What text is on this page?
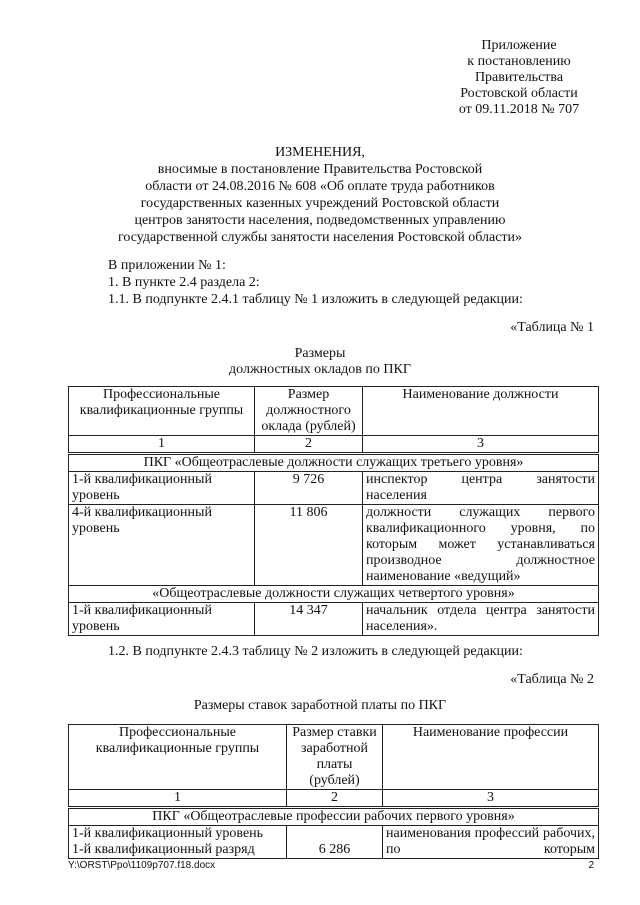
Приложение
к постановлению
Правительства
Ростовской области
от 09.11.2018 № 707
ИЗМЕНЕНИЯ,
вносимые в постановление Правительства Ростовской
области от 24.08.2016 № 608 «Об оплате труда работников
государственных казенных учреждений Ростовской области
центров занятости населения, подведомственных управлению
государственной службы занятости населения Ростовской области»
В приложении № 1:
1. В пункте 2.4 раздела 2:
1.1. В подпункте 2.4.1 таблицу № 1 изложить в следующей редакции:
«Таблица № 1
Размеры
должностных окладов по ПКГ
Профессиональные квалификационные группы	Размер должностного оклада (рублей)	Наименование должности
1	2	3
ПКГ «Общеотраслевые должности служащих третьего уровня»		
1-й квалификационный уровень	9 726	инспектор центра занятости населения
4-й квалификационный уровень	11 806	должности служащих первого квалификационного уровня, по которым может устанавливаться производное должностное наименование «ведущий»
«Общеотраслевые должности служащих четвертого уровня»		
1-й квалификационный уровень	14 347	начальник отдела центра занятости населения».
1.2. В подпункте 2.4.3 таблицу № 2 изложить в следующей редакции:
«Таблица № 2
Размеры ставок заработной платы по ПКГ
Профессиональные квалификационные группы	Размер ставки заработной платы (рублей)	Наименование профессии
1	2	3
ПКГ «Общеотраслевые профессии рабочих первого уровня»		

1-й квалификационный уровень
1-й квалификационный разряд	6 286	наименования профессий рабочих, по которым
Y:\ORST\Ppo\1109p707.f18.docx	2
